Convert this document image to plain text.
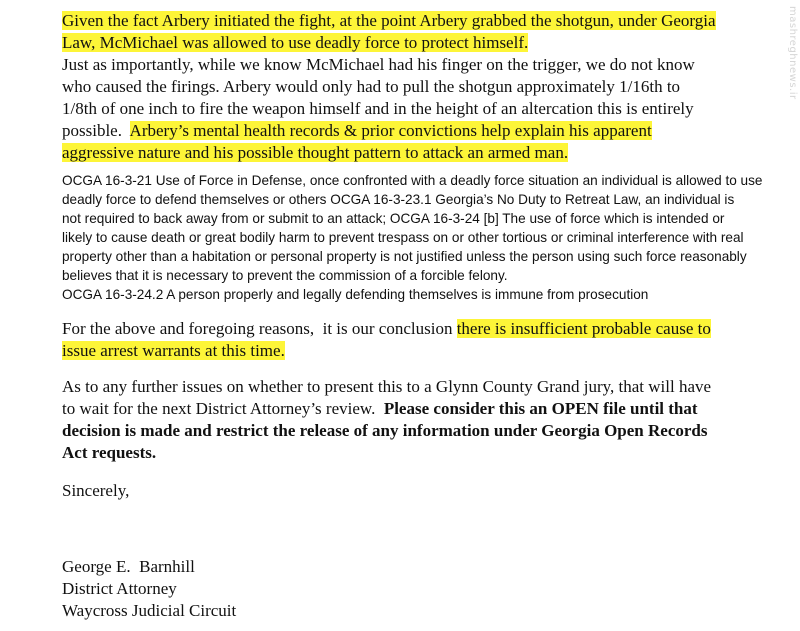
Given the fact Arbery initiated the fight, at the point Arbery grabbed the shotgun, under Georgia
Law, McMichael was allowed to use deadly force to protect himself.
Just as importantly, while we know McMichael had his finger on the trigger, we do not know
who caused the firings. Arbery would only had to pull the shotgun approximately 1/16th to
1/8th of one inch to fire the weapon himself and in the height of an altercation this is entirely
possible.  Arbery’s mental health records & prior convictions help explain his apparent
aggressive nature and his possible thought pattern to attack an armed man.
OCGA 16-3-21 Use of Force in Defense, once confronted with a deadly force situation an individual is allowed to use
deadly force to defend themselves or others OCGA 16-3-23.1 Georgia’s No Duty to Retreat Law, an individual is
not required to back away from or submit to an attack; OCGA 16-3-24 [b] The use of force which is intended or
likely to cause death or great bodily harm to prevent trespass on or other tortious or criminal interference with real
property other than a habitation or personal property is not justified unless the person using such force reasonably
believes that it is necessary to prevent the commission of a forcible felony.
OCGA 16-3-24.2 A person properly and legally defending themselves is immune from prosecution
For the above and foregoing reasons,  it is our conclusion there is insufficient probable cause to
issue arrest warrants at this time.
As to any further issues on whether to present this to a Glynn County Grand jury, that will have
to wait for the next District Attorney’s review.  Please consider this an OPEN file until that
decision is made and restrict the release of any information under Georgia Open Records
Act requests.
Sincerely,
George E.  Barnhill
District Attorney
Waycross Judicial Circuit
mashreghnews.ir
